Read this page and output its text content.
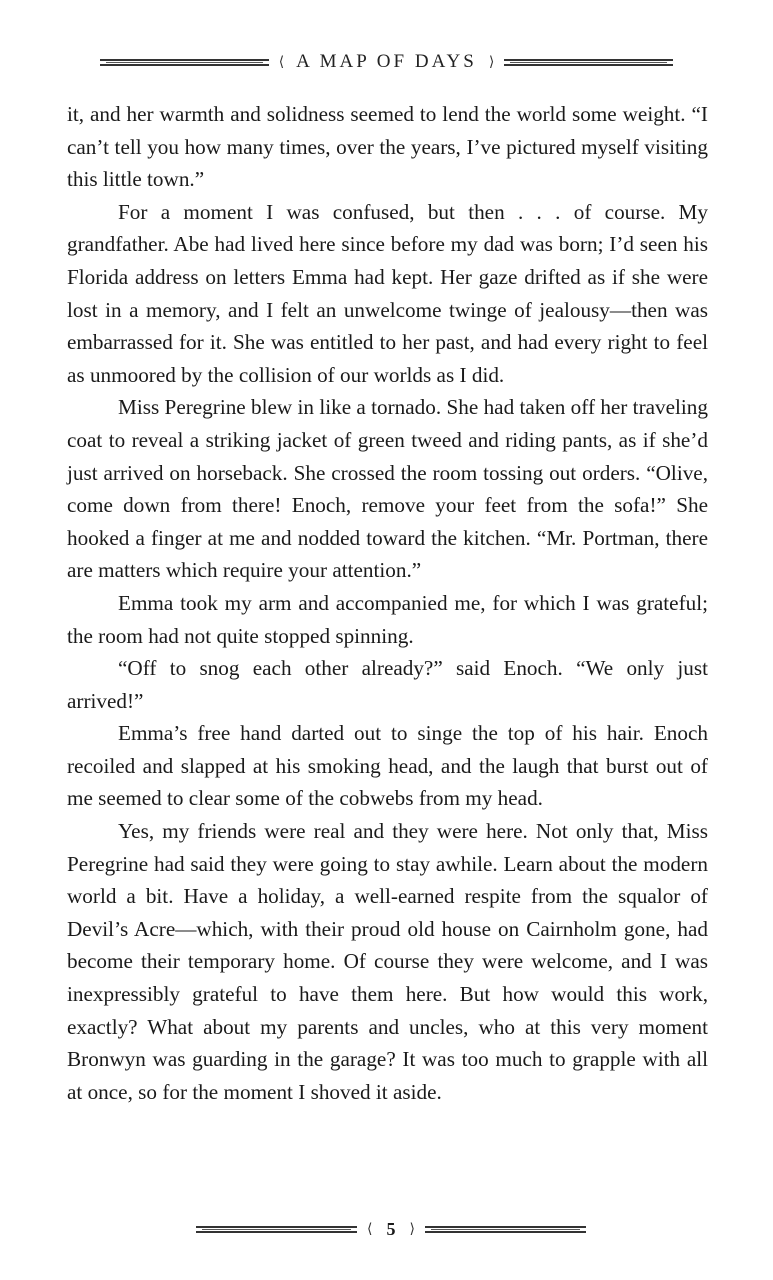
⟨ A MAP OF DAYS ⟩

it, and her warmth and solidness seemed to lend the world some weight. “I can’t tell you how many times, over the years, I’ve pictured myself visiting this little town.”

For a moment I was confused, but then . . . of course. My grandfather. Abe had lived here since before my dad was born; I’d seen his Florida address on letters Emma had kept. Her gaze drifted as if she were lost in a memory, and I felt an unwelcome twinge of jealousy—then was embarrassed for it. She was entitled to her past, and had every right to feel as unmoored by the collision of our worlds as I did.

Miss Peregrine blew in like a tornado. She had taken off her traveling coat to reveal a striking jacket of green tweed and riding pants, as if she’d just arrived on horseback. She crossed the room tossing out orders. “Olive, come down from there! Enoch, remove your feet from the sofa!” She hooked a finger at me and nodded toward the kitchen. “Mr. Portman, there are matters which require your attention.”

Emma took my arm and accompanied me, for which I was grateful; the room had not quite stopped spinning.

“Off to snog each other already?” said Enoch. “We only just arrived!”

Emma’s free hand darted out to singe the top of his hair. Enoch recoiled and slapped at his smoking head, and the laugh that burst out of me seemed to clear some of the cobwebs from my head.

Yes, my friends were real and they were here. Not only that, Miss Peregrine had said they were going to stay awhile. Learn about the modern world a bit. Have a holiday, a well-earned respite from the squalor of Devil’s Acre—which, with their proud old house on Cairnholm gone, had become their temporary home. Of course they were welcome, and I was inexpressibly grateful to have them here. But how would this work, exactly? What about my parents and uncles, who at this very moment Bronwyn was guarding in the garage? It was too much to grapple with all at once, so for the moment I shoved it aside.

⟨ 5	⟩
